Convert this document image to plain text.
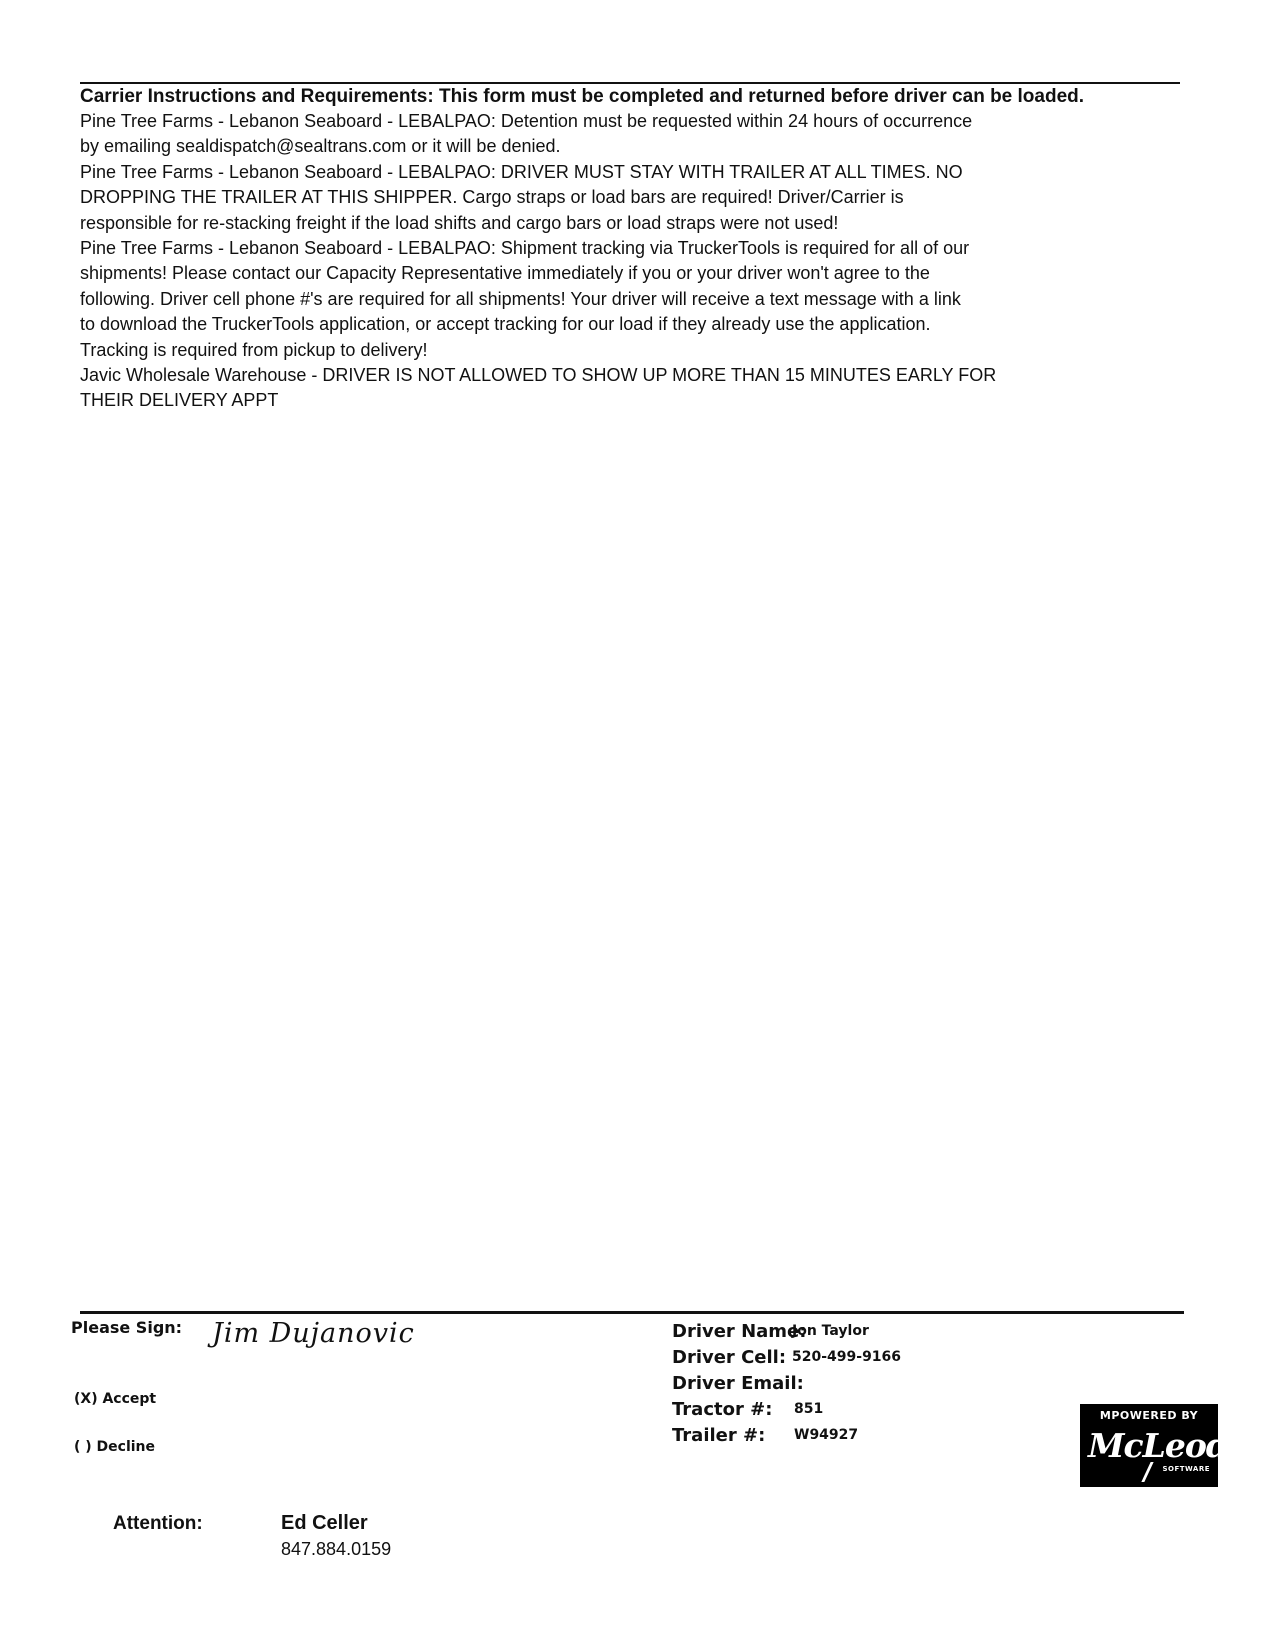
Carrier Instructions and Requirements: This form must be completed and returned before driver can be loaded.
Pine Tree Farms - Lebanon Seaboard - LEBALPAO: Detention must be requested within 24 hours of occurrence
by emailing sealdispatch@sealtrans.com or it will be denied.
Pine Tree Farms - Lebanon Seaboard - LEBALPAO: DRIVER MUST STAY WITH TRAILER AT ALL TIMES. NO
DROPPING THE TRAILER AT THIS SHIPPER. Cargo straps or load bars are required! Driver/Carrier is
responsible for re-stacking freight if the load shifts and cargo bars or load straps were not used!
Pine Tree Farms - Lebanon Seaboard - LEBALPAO: Shipment tracking via TruckerTools is required for all of our
shipments! Please contact our Capacity Representative immediately if you or your driver won't agree to the
following. Driver cell phone #'s are required for all shipments! Your driver will receive a text message with a link
to download the TruckerTools application, or accept tracking for our load if they already use the application.
Tracking is required from pickup to delivery!
Javic Wholesale Warehouse - DRIVER IS NOT ALLOWED TO SHOW UP MORE THAN 15 MINUTES EARLY FOR
THEIR DELIVERY APPT
Please Sign: Jim Dujanovic
(X) Accept
( ) Decline
Driver Name:
Jon Taylor
Driver Cell: 520-499-9166
Driver Email:
Tractor #: 851
Trailer #: W94927
MPOWERED BY
McLeod
SOFTWARE
Attention:	Ed Celler
847.884.0159
